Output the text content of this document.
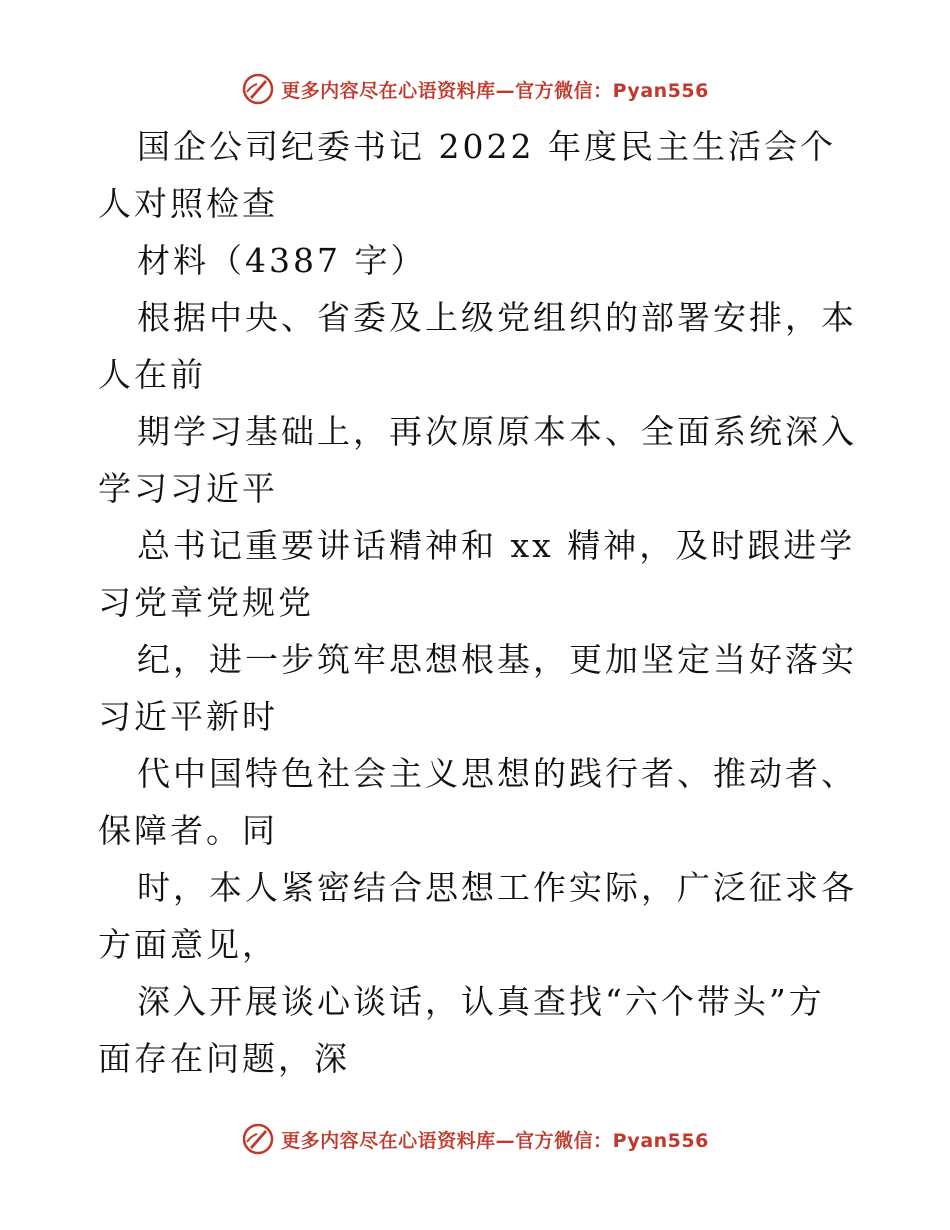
更多内容尽在心语资料库—官方微信：Pyan556

国企公司纪委书记 2022 年度民主生活会个人对照检查

材料（4387 字）

根据中央、省委及上级党组织的部署安排，本人在前

期学习基础上，再次原原本本、全面系统深入学习习近平

总书记重要讲话精神和 xx 精神，及时跟进学习党章党规党

纪，进一步筑牢思想根基，更加坚定当好落实习近平新时

代中国特色社会主义思想的践行者、推动者、保障者。同

时，本人紧密结合思想工作实际，广泛征求各方面意见，

深入开展谈心谈话，认真查找“六个带头”方面存在问题，深

更多内容尽在心语资料库—官方微信：Pyan556
